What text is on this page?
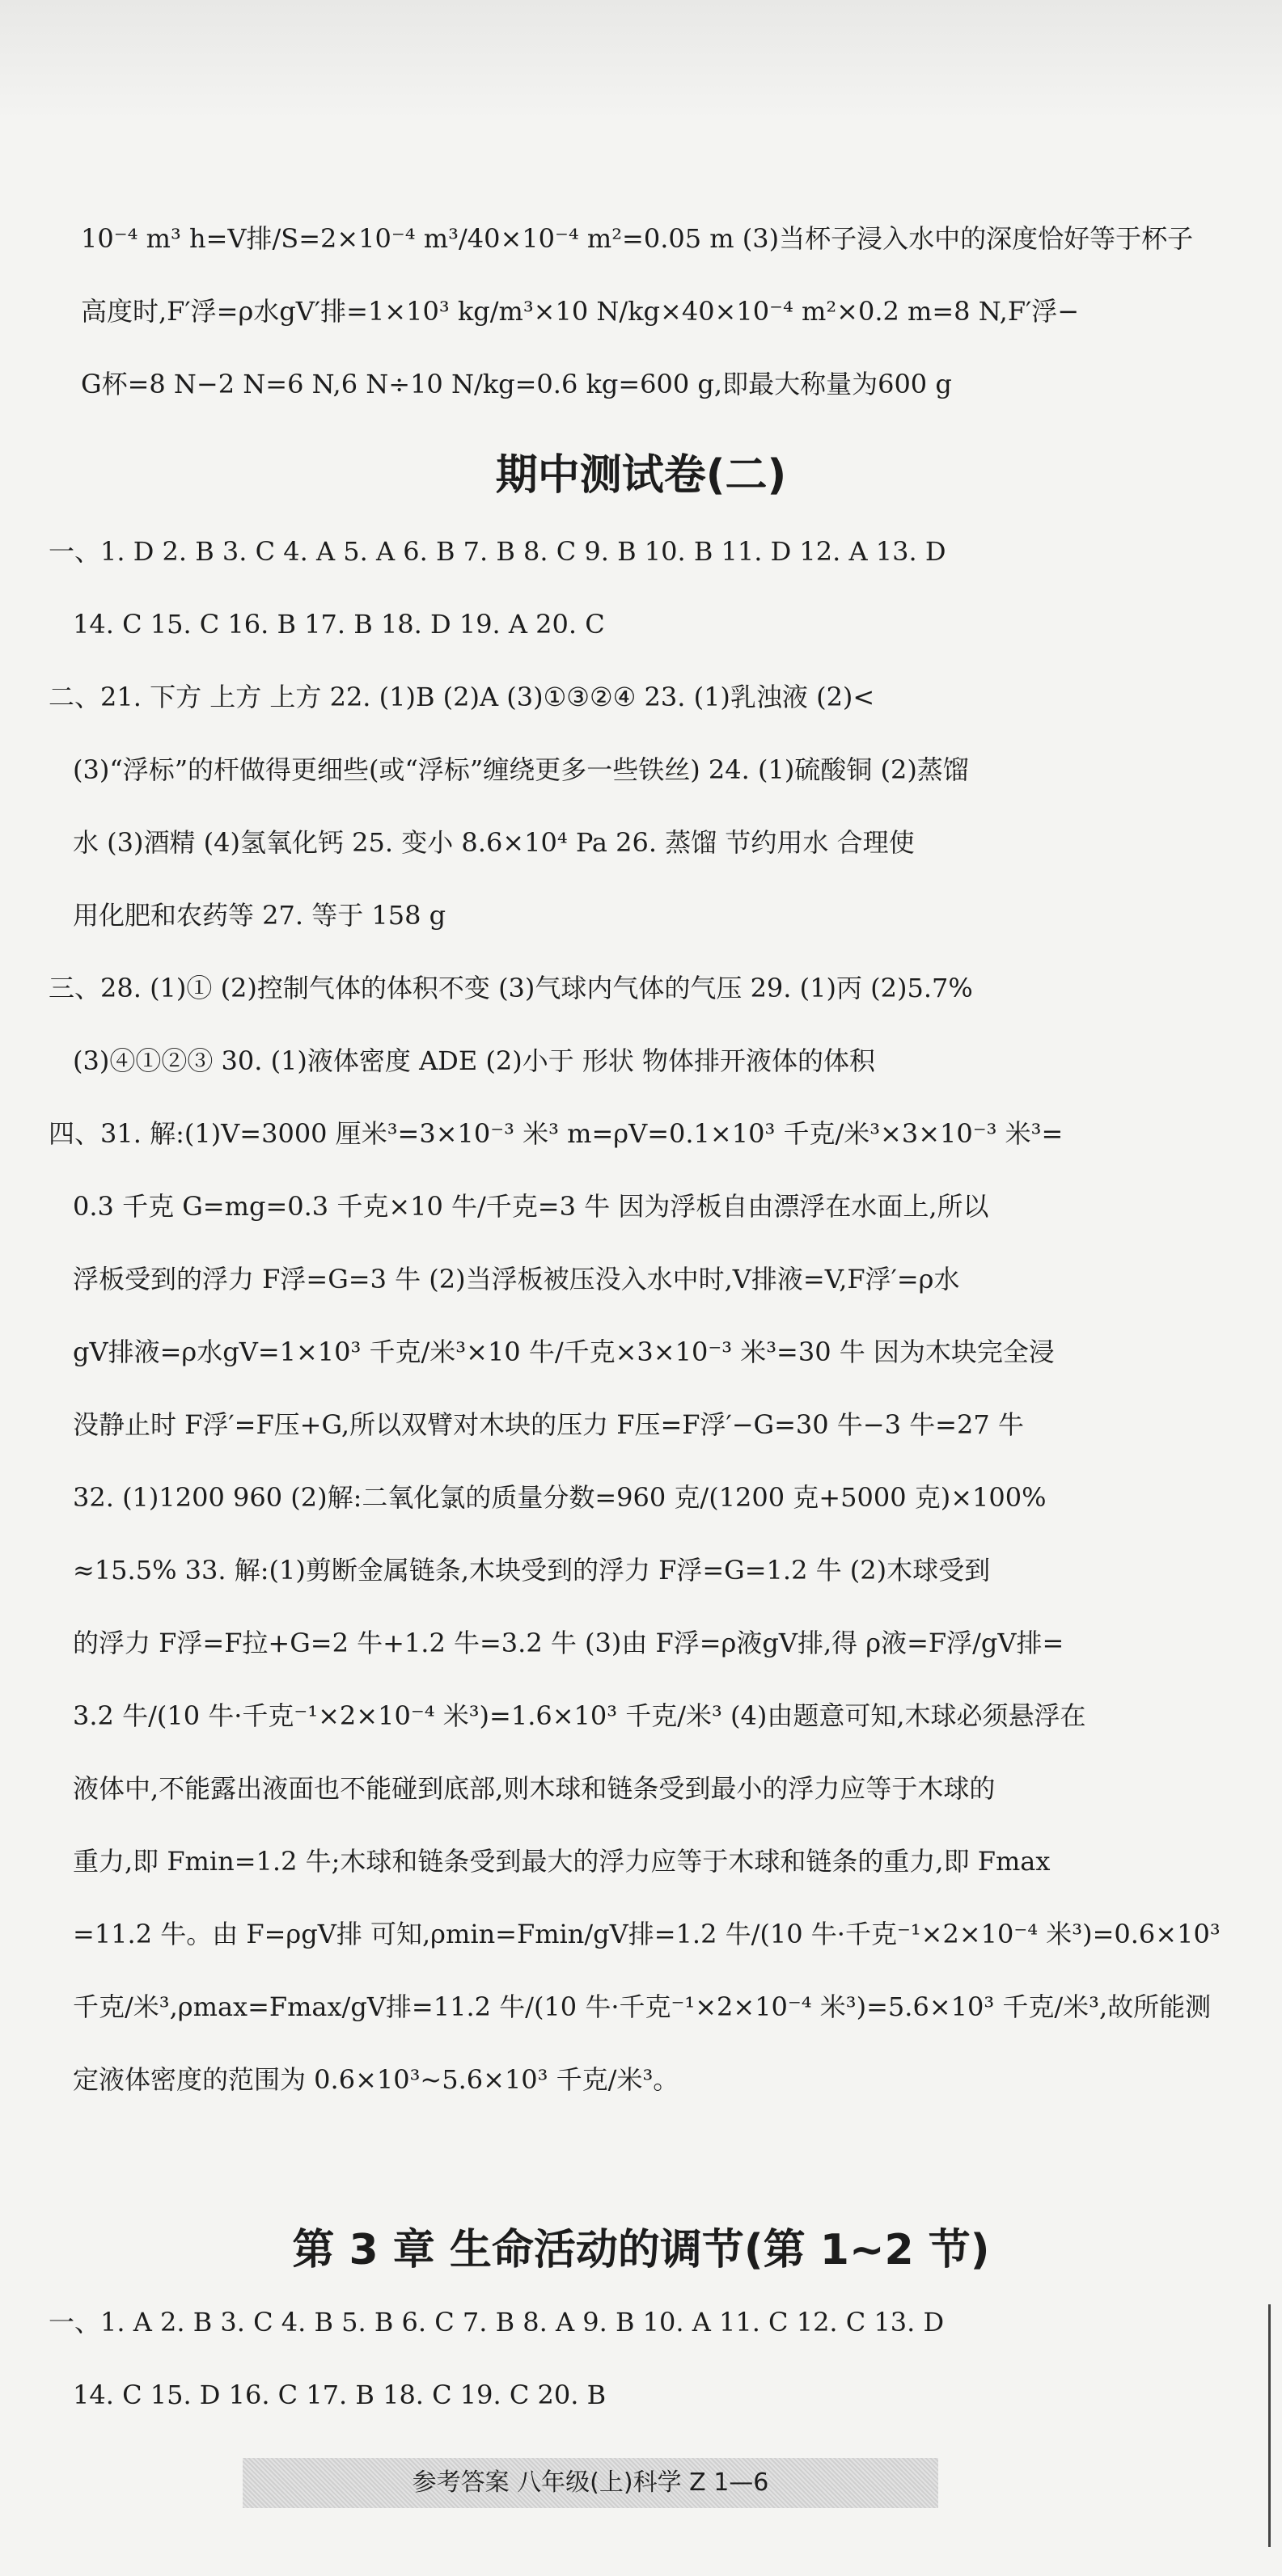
10⁻⁴ m³ h=V排/S=2×10⁻⁴ m³/40×10⁻⁴ m²=0.05 m (3)当杯子浸入水中的深度恰好等于杯子
高度时,F′浮=ρ水gV′排=1×10³ kg/m³×10 N/kg×40×10⁻⁴ m²×0.2 m=8 N,F′浮−
G杯=8 N−2 N=6 N,6 N÷10 N/kg=0.6 kg=600 g,即最大称量为600 g
期中测试卷(二)
一、1. D 2. B 3. C 4. A 5. A 6. B 7. B 8. C 9. B 10. B 11. D 12. A 13. D
14. C 15. C 16. B 17. B 18. D 19. A 20. C
二、21. 下方 上方 上方 22. (1)B (2)A (3)①③②④ 23. (1)乳浊液 (2)<
(3)“浮标”的杆做得更细些(或“浮标”缠绕更多一些铁丝) 24. (1)硫酸铜 (2)蒸馏
水 (3)酒精 (4)氢氧化钙 25. 变小 8.6×10⁴ Pa 26. 蒸馏 节约用水 合理使
用化肥和农药等 27. 等于 158 g
三、28. (1)① (2)控制气体的体积不变 (3)气球内气体的气压 29. (1)丙 (2)5.7%
(3)④①②③ 30. (1)液体密度 ADE (2)小于 形状 物体排开液体的体积
四、31. 解:(1)V=3000 厘米³=3×10⁻³ 米³ m=ρV=0.1×10³ 千克/米³×3×10⁻³ 米³=
0.3 千克 G=mg=0.3 千克×10 牛/千克=3 牛 因为浮板自由漂浮在水面上,所以
浮板受到的浮力 F浮=G=3 牛 (2)当浮板被压没入水中时,V排液=V,F浮′=ρ水
gV排液=ρ水gV=1×10³ 千克/米³×10 牛/千克×3×10⁻³ 米³=30 牛 因为木块完全浸
没静止时 F浮′=F压+G,所以双臂对木块的压力 F压=F浮′−G=30 牛−3 牛=27 牛
32. (1)1200 960 (2)解:二氧化氯的质量分数=960 克/(1200 克+5000 克)×100%
≈15.5% 33. 解:(1)剪断金属链条,木块受到的浮力 F浮=G=1.2 牛 (2)木球受到
的浮力 F浮=F拉+G=2 牛+1.2 牛=3.2 牛 (3)由 F浮=ρ液gV排,得 ρ液=F浮/gV排=
3.2 牛/(10 牛·千克⁻¹×2×10⁻⁴ 米³)=1.6×10³ 千克/米³ (4)由题意可知,木球必须悬浮在
液体中,不能露出液面也不能碰到底部,则木球和链条受到最小的浮力应等于木球的
重力,即 Fmin=1.2 牛;木球和链条受到最大的浮力应等于木球和链条的重力,即 Fmax
=11.2 牛。由 F=ρgV排 可知,ρmin=Fmin/gV排=1.2 牛/(10 牛·千克⁻¹×2×10⁻⁴ 米³)=0.6×10³
千克/米³,ρmax=Fmax/gV排=11.2 牛/(10 牛·千克⁻¹×2×10⁻⁴ 米³)=5.6×10³ 千克/米³,故所能测
定液体密度的范围为 0.6×10³~5.6×10³ 千克/米³。
第 3 章 生命活动的调节(第 1~2 节)
一、1. A 2. B 3. C 4. B 5. B 6. C 7. B 8. A 9. B 10. A 11. C 12. C 13. D
14. C 15. D 16. C 17. B 18. C 19. C 20. B
参考答案 八年级(上)科学 Z 1—6
